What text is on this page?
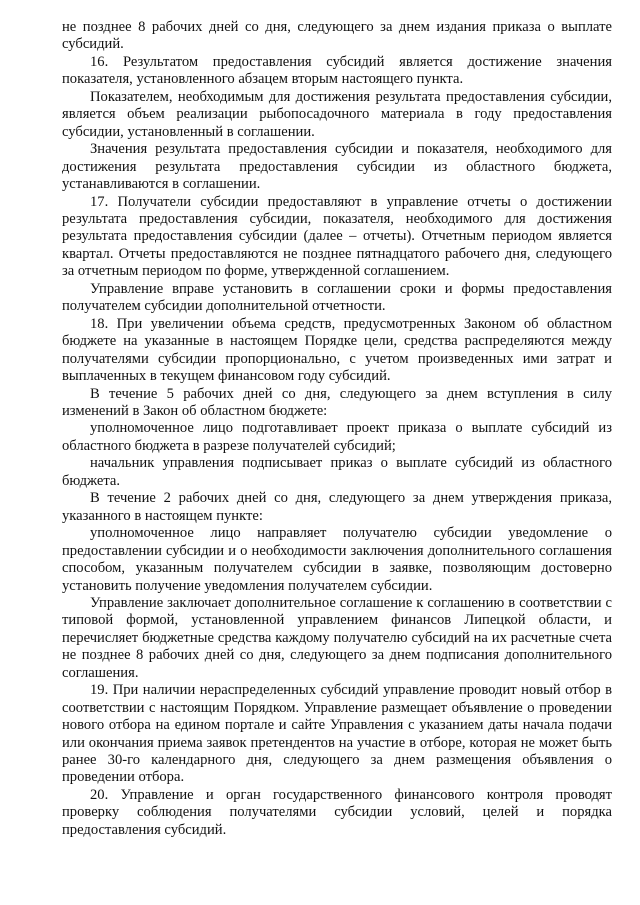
не позднее 8 рабочих дней со дня, следующего за днем издания приказа о выплате субсидий.

16. Результатом предоставления субсидий является достижение значения показателя, установленного абзацем вторым настоящего пункта.

Показателем, необходимым для достижения результата предоставления субсидии, является объем реализации рыбопосадочного материала в году предоставления субсидии, установленный в соглашении.

Значения результата предоставления субсидии и показателя, необходимого для достижения результата предоставления субсидии из областного бюджета, устанавливаются в соглашении.

17. Получатели субсидии предоставляют в управление отчеты о достижении результата предоставления субсидии, показателя, необходимого для достижения результата предоставления субсидии (далее – отчеты). Отчетным периодом является квартал. Отчеты предоставляются не позднее пятнадцатого рабочего дня, следующего за отчетным периодом по форме, утвержденной соглашением.

Управление вправе установить в соглашении сроки и формы предоставления получателем субсидии дополнительной отчетности.

18. При увеличении объема средств, предусмотренных Законом об областном бюджете на указанные в настоящем Порядке цели, средства распределяются между получателями субсидии пропорционально, с учетом произведенных ими затрат и выплаченных в текущем финансовом году субсидий.

В течение 5 рабочих дней со дня, следующего за днем вступления в силу изменений в Закон об областном бюджете:

уполномоченное лицо подготавливает проект приказа о выплате субсидий из областного бюджета в разрезе получателей субсидий;

начальник управления подписывает приказ о выплате субсидий из областного бюджета.

В течение 2 рабочих дней со дня, следующего за днем утверждения приказа, указанного в настоящем пункте:

уполномоченное лицо направляет получателю субсидии уведомление о предоставлении субсидии и о необходимости заключения дополнительного соглашения способом, указанным получателем субсидии в заявке, позволяющим достоверно установить получение уведомления получателем субсидии.

Управление заключает дополнительное соглашение к соглашению в соответствии с типовой формой, установленной управлением финансов Липецкой области, и перечисляет бюджетные средства каждому получателю субсидий на их расчетные счета не позднее 8 рабочих дней со дня, следующего за днем подписания дополнительного соглашения.

19. При наличии нераспределенных субсидий управление проводит новый отбор в соответствии с настоящим Порядком. Управление размещает объявление о проведении нового отбора на едином портале и сайте Управления с указанием даты начала подачи или окончания приема заявок претендентов на участие в отборе, которая не может быть ранее 30-го календарного дня, следующего за днем размещения объявления о проведении отбора.

20. Управление и орган государственного финансового контроля проводят проверку соблюдения получателями субсидии условий, целей и порядка предоставления субсидий.
